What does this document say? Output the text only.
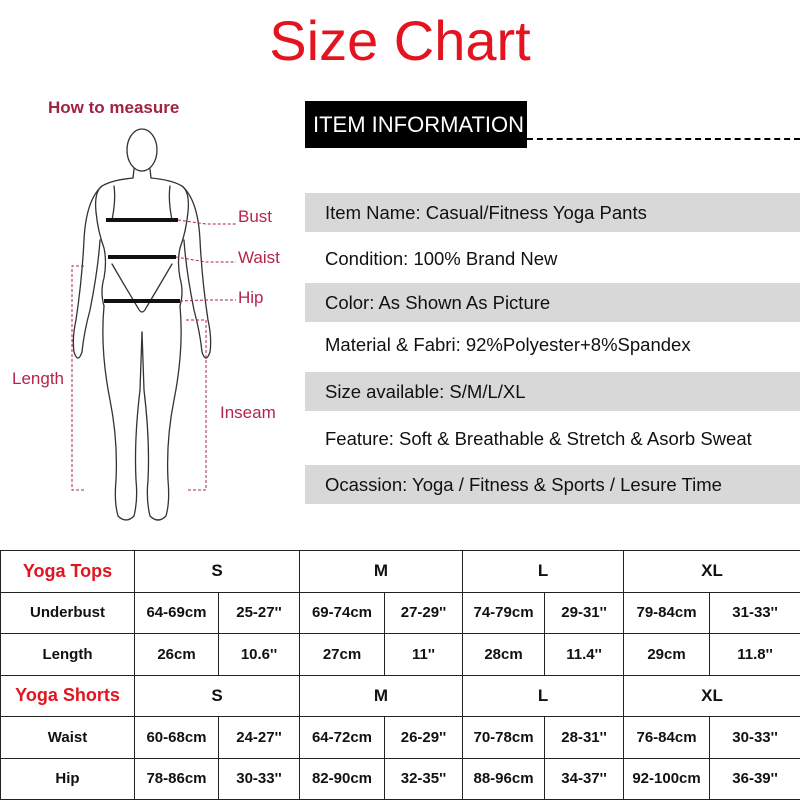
Size Chart
How to measure
Bust
Waist
Hip
Length
Inseam
ITEM INFORMATION
Item Name: Casual/Fitness Yoga Pants
Condition: 100% Brand New
Color: As Shown As Picture
Material & Fabri: 92%Polyester+8%Spandex
Size available: S/M/L/XL
Feature: Soft & Breathable & Stretch & Asorb Sweat
Ocassion: Yoga / Fitness & Sports / Lesure Time
Yoga Tops	S		M		L		XL	
Underbust	64-69cm	25-27''	69-74cm	27-29''	74-79cm	29-31''	79-84cm	31-33''
Length	26cm	10.6''	27cm	11''	28cm	11.4''	29cm	11.8''
Yoga Shorts	S		M		L		XL	
Waist	60-68cm	24-27''	64-72cm	26-29''	70-78cm	28-31''	76-84cm	30-33''
Hip	78-86cm	30-33''	82-90cm	32-35''	88-96cm	34-37''	92-100cm	36-39''
